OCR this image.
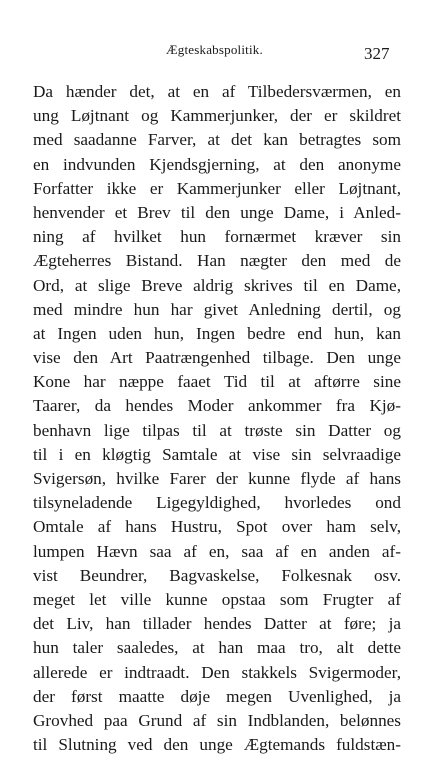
Ægteskabspolitik.	327
Da hænder det, at en af Tilbedersværmen, en
ung Løjtnant og Kammerjunker, der er skildret
med saadanne Farver, at det kan betragtes som
en indvunden Kjendsgjerning, at den anonyme
Forfatter ikke er Kammerjunker eller Løjtnant,
henvender et Brev til den unge Dame, i Anled-
ning af hvilket hun fornærmet kræver sin
Ægteherres Bistand. Han nægter den med de
Ord, at slige Breve aldrig skrives til en Dame,
med mindre hun har givet Anledning dertil, og
at Ingen uden hun, Ingen bedre end hun, kan
vise den Art Paatrængenhed tilbage. Den unge
Kone har næppe faaet Tid til at aftørre sine
Taarer, da hendes Moder ankommer fra Kjø-
benhavn lige tilpas til at trøste sin Datter og
til i en kløgtig Samtale at vise sin selvraadige
Svigersøn, hvilke Farer der kunne flyde af hans
tilsyneladende Ligegyldighed, hvorledes ond
Omtale af hans Hustru, Spot over ham selv,
lumpen Hævn saa af en, saa af en anden af-
vist Beundrer, Bagvaskelse, Folkesnak osv.
meget let ville kunne opstaa som Frugter af
det Liv, han tillader hendes Datter at føre; ja
hun taler saaledes, at han maa tro, alt dette
allerede er indtraadt. Den stakkels Svigermoder,
der først maatte døje megen Uvenlighed, ja
Grovhed paa Grund af sin Indblanden, belønnes
til Slutning ved den unge Ægtemands fuldstæn-
